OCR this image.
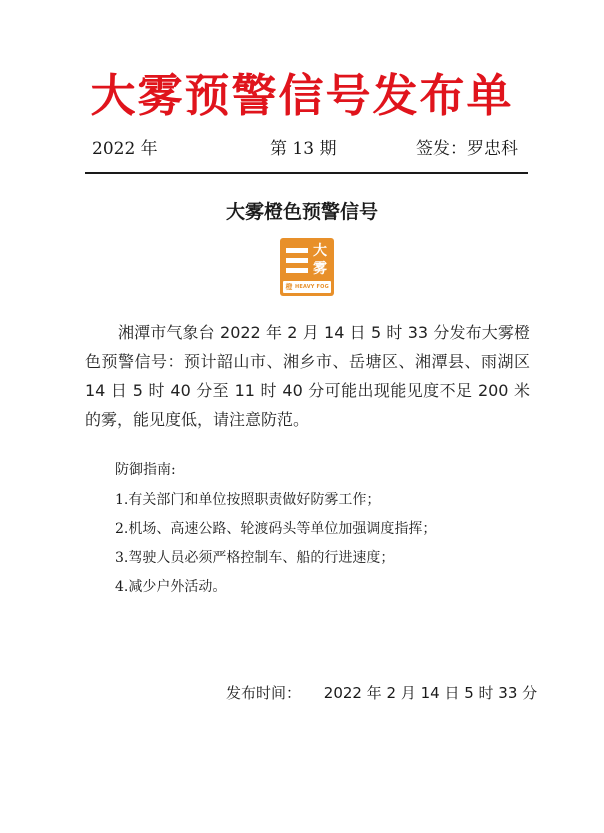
大雾预警信号发布单
2022 年	第 13 期	签发：罗忠科
大雾橙色预警信号
大
雾
橙 HEAVY FOG

湘潭市气象台 2022 年 2 月 14 日 5 时 33 分发布大雾橙色预警信号：预计韶山市、湘乡市、岳塘区、湘潭县、雨湖区 14 日 5 时 40 分至 11 时 40 分可能出现能见度不足 200 米的雾，能见度低，请注意防范。

防御指南:

1.有关部门和单位按照职责做好防雾工作；
2.机场、高速公路、轮渡码头等单位加强调度指挥；
3.驾驶人员必须严格控制车、船的行进速度；
4.减少户外活动。
发布时间： 2022 年 2 月 14 日 5 时 33 分
